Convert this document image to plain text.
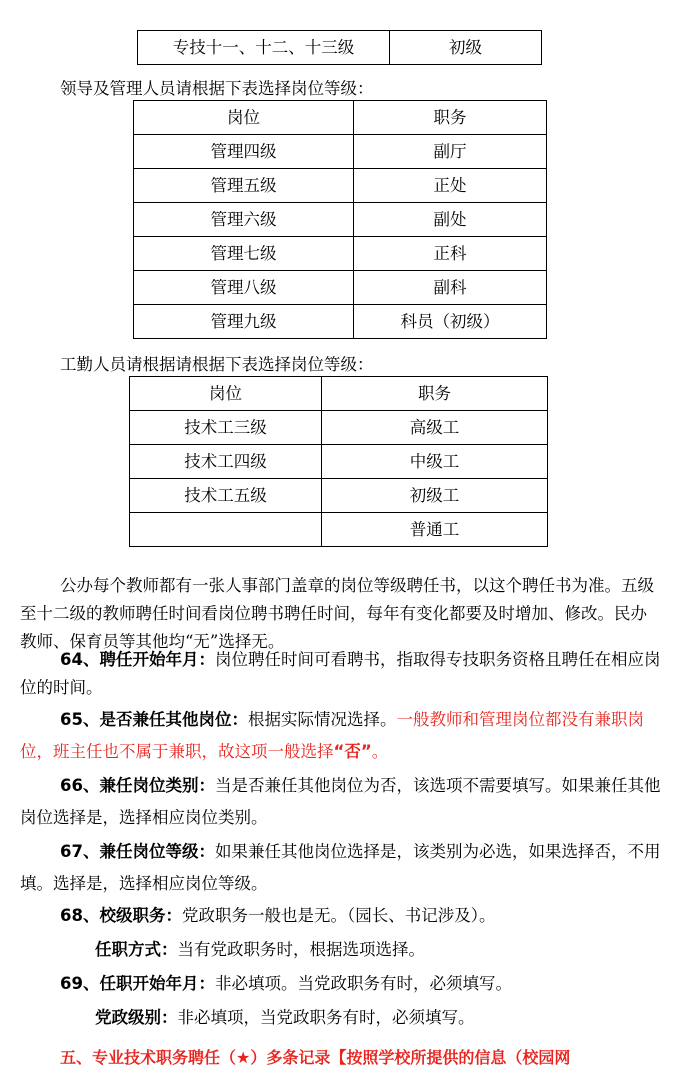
专技十一、十二、十三级	初级
领导及管理人员请根据下表选择岗位等级：
岗位	职务
管理四级	副厅
管理五级	正处
管理六级	副处
管理七级	正科
管理八级	副科
管理九级	科员（初级）
工勤人员请根据请根据下表选择岗位等级：
岗位	职务
技术工三级	高级工
技术工四级	中级工
技术工五级	初级工
	普通工

公办每个教师都有一张人事部门盖章的岗位等级聘任书，以这个聘任书为准。五级至十二级的教师聘任时间看岗位聘书聘任时间，每年有变化都要及时增加、修改。民办教师、保育员等其他均“无”选择无。

64、聘任开始年月：岗位聘任时间可看聘书，指取得专技职务资格且聘任在相应岗位的时间。

65、是否兼任其他岗位：根据实际情况选择。一般教师和管理岗位都没有兼职岗位，班主任也不属于兼职，故这项一般选择“否”。

66、兼任岗位类别：当是否兼任其他岗位为否，该选项不需要填写。如果兼任其他岗位选择是，选择相应岗位类别。

67、兼任岗位等级：如果兼任其他岗位选择是，该类别为必选，如果选择否，不用填。选择是，选择相应岗位等级。

68、校级职务：党政职务一般也是无。（园长、书记涉及）。
任职方式：当有党政职务时，根据选项选择。
69、任职开始年月：非必填项。当党政职务有时，必须填写。
党政级别：非必填项，当党政职务有时，必须填写。
五、专业技术职务聘任（★）多条记录【按照学校所提供的信息（校园网
